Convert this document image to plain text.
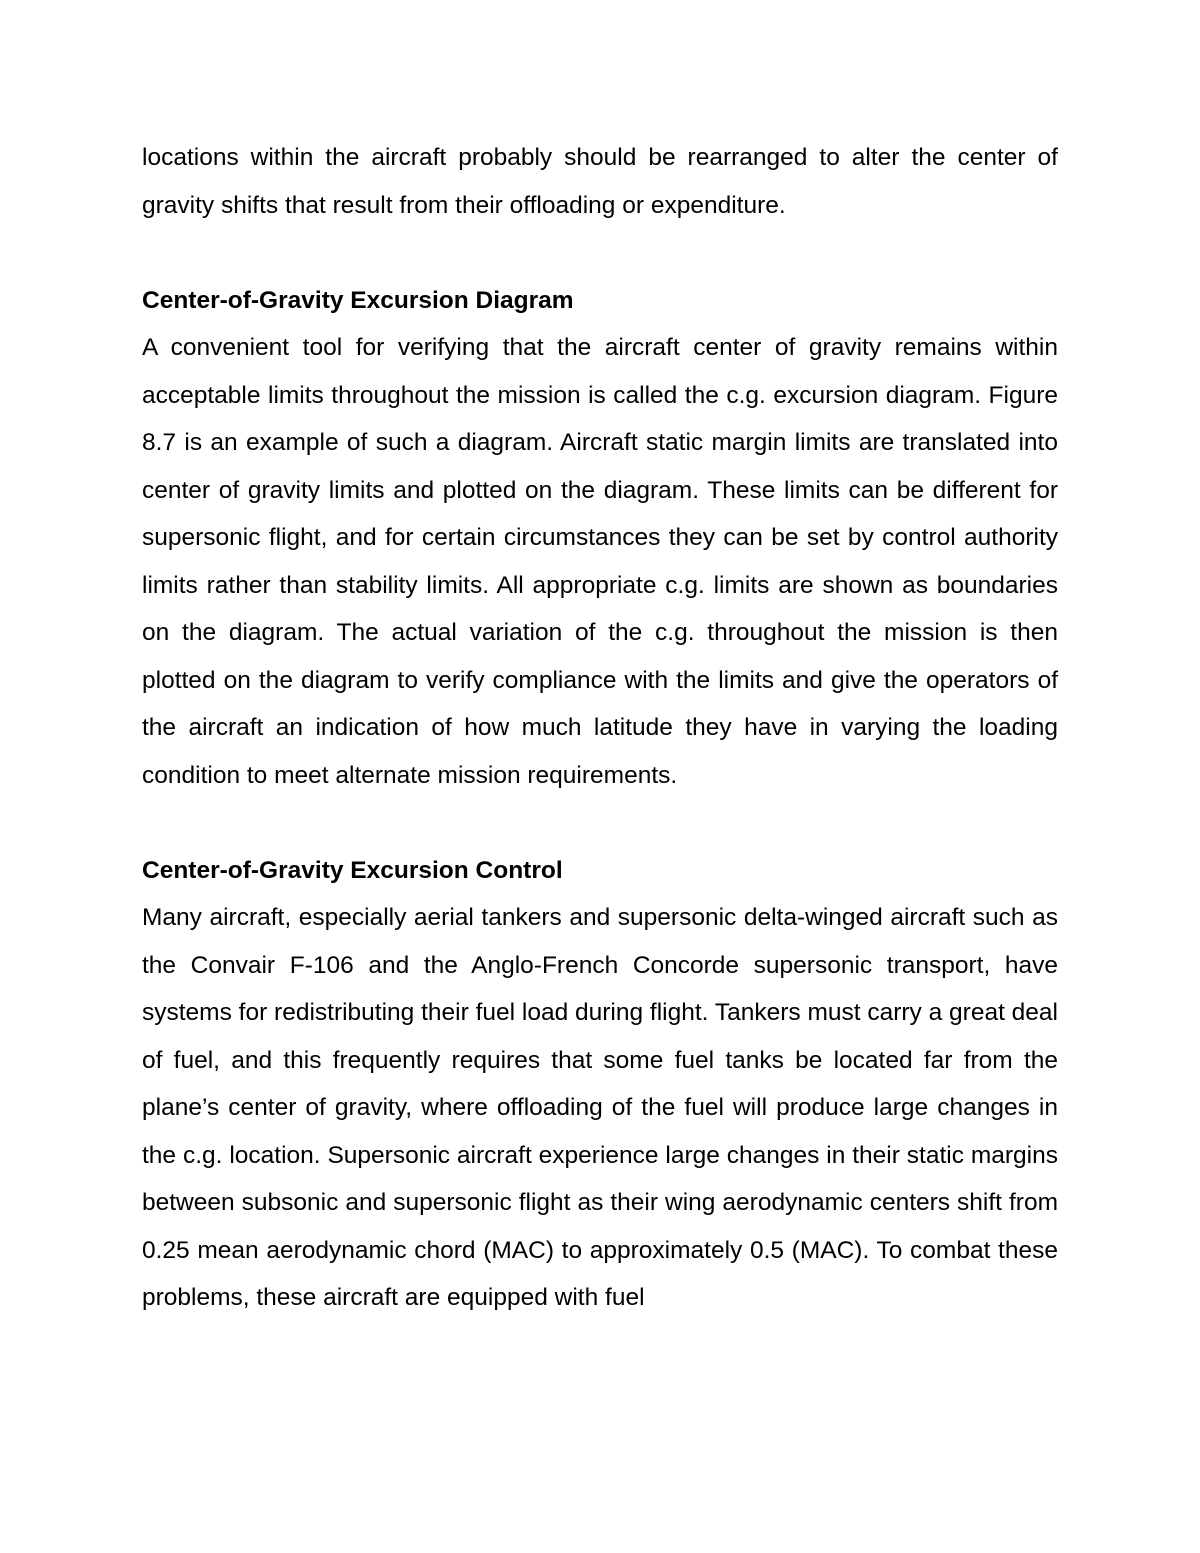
locations within the aircraft probably should be rearranged to alter the center of gravity shifts that result from their offloading or expenditure.

Center-of-Gravity Excursion Diagram

A convenient tool for verifying that the aircraft center of gravity remains within acceptable limits throughout the mission is called the c.g. excursion diagram. Figure 8.7 is an example of such a diagram. Aircraft static margin limits are translated into center of gravity limits and plotted on the diagram. These limits can be different for supersonic flight, and for certain circumstances they can be set by control authority limits rather than stability limits. All appropriate c.g. limits are shown as boundaries on the diagram. The actual variation of the c.g. throughout the mission is then plotted on the diagram to verify compliance with the limits and give the operators of the aircraft an indication of how much latitude they have in varying the loading condition to meet alternate mission requirements.

Center-of-Gravity Excursion Control

Many aircraft, especially aerial tankers and supersonic delta-winged aircraft such as the Convair F-106 and the Anglo-French Concorde supersonic transport, have systems for redistributing their fuel load during flight. Tankers must carry a great deal of fuel, and this frequently requires that some fuel tanks be located far from the plane’s center of gravity, where offloading of the fuel will produce large changes in the c.g. location. Supersonic aircraft experience large changes in their static margins between subsonic and supersonic flight as their wing aerodynamic centers shift from 0.25 mean aerodynamic chord (MAC) to approximately 0.5 (MAC). To combat these problems, these aircraft are equipped with fuel
